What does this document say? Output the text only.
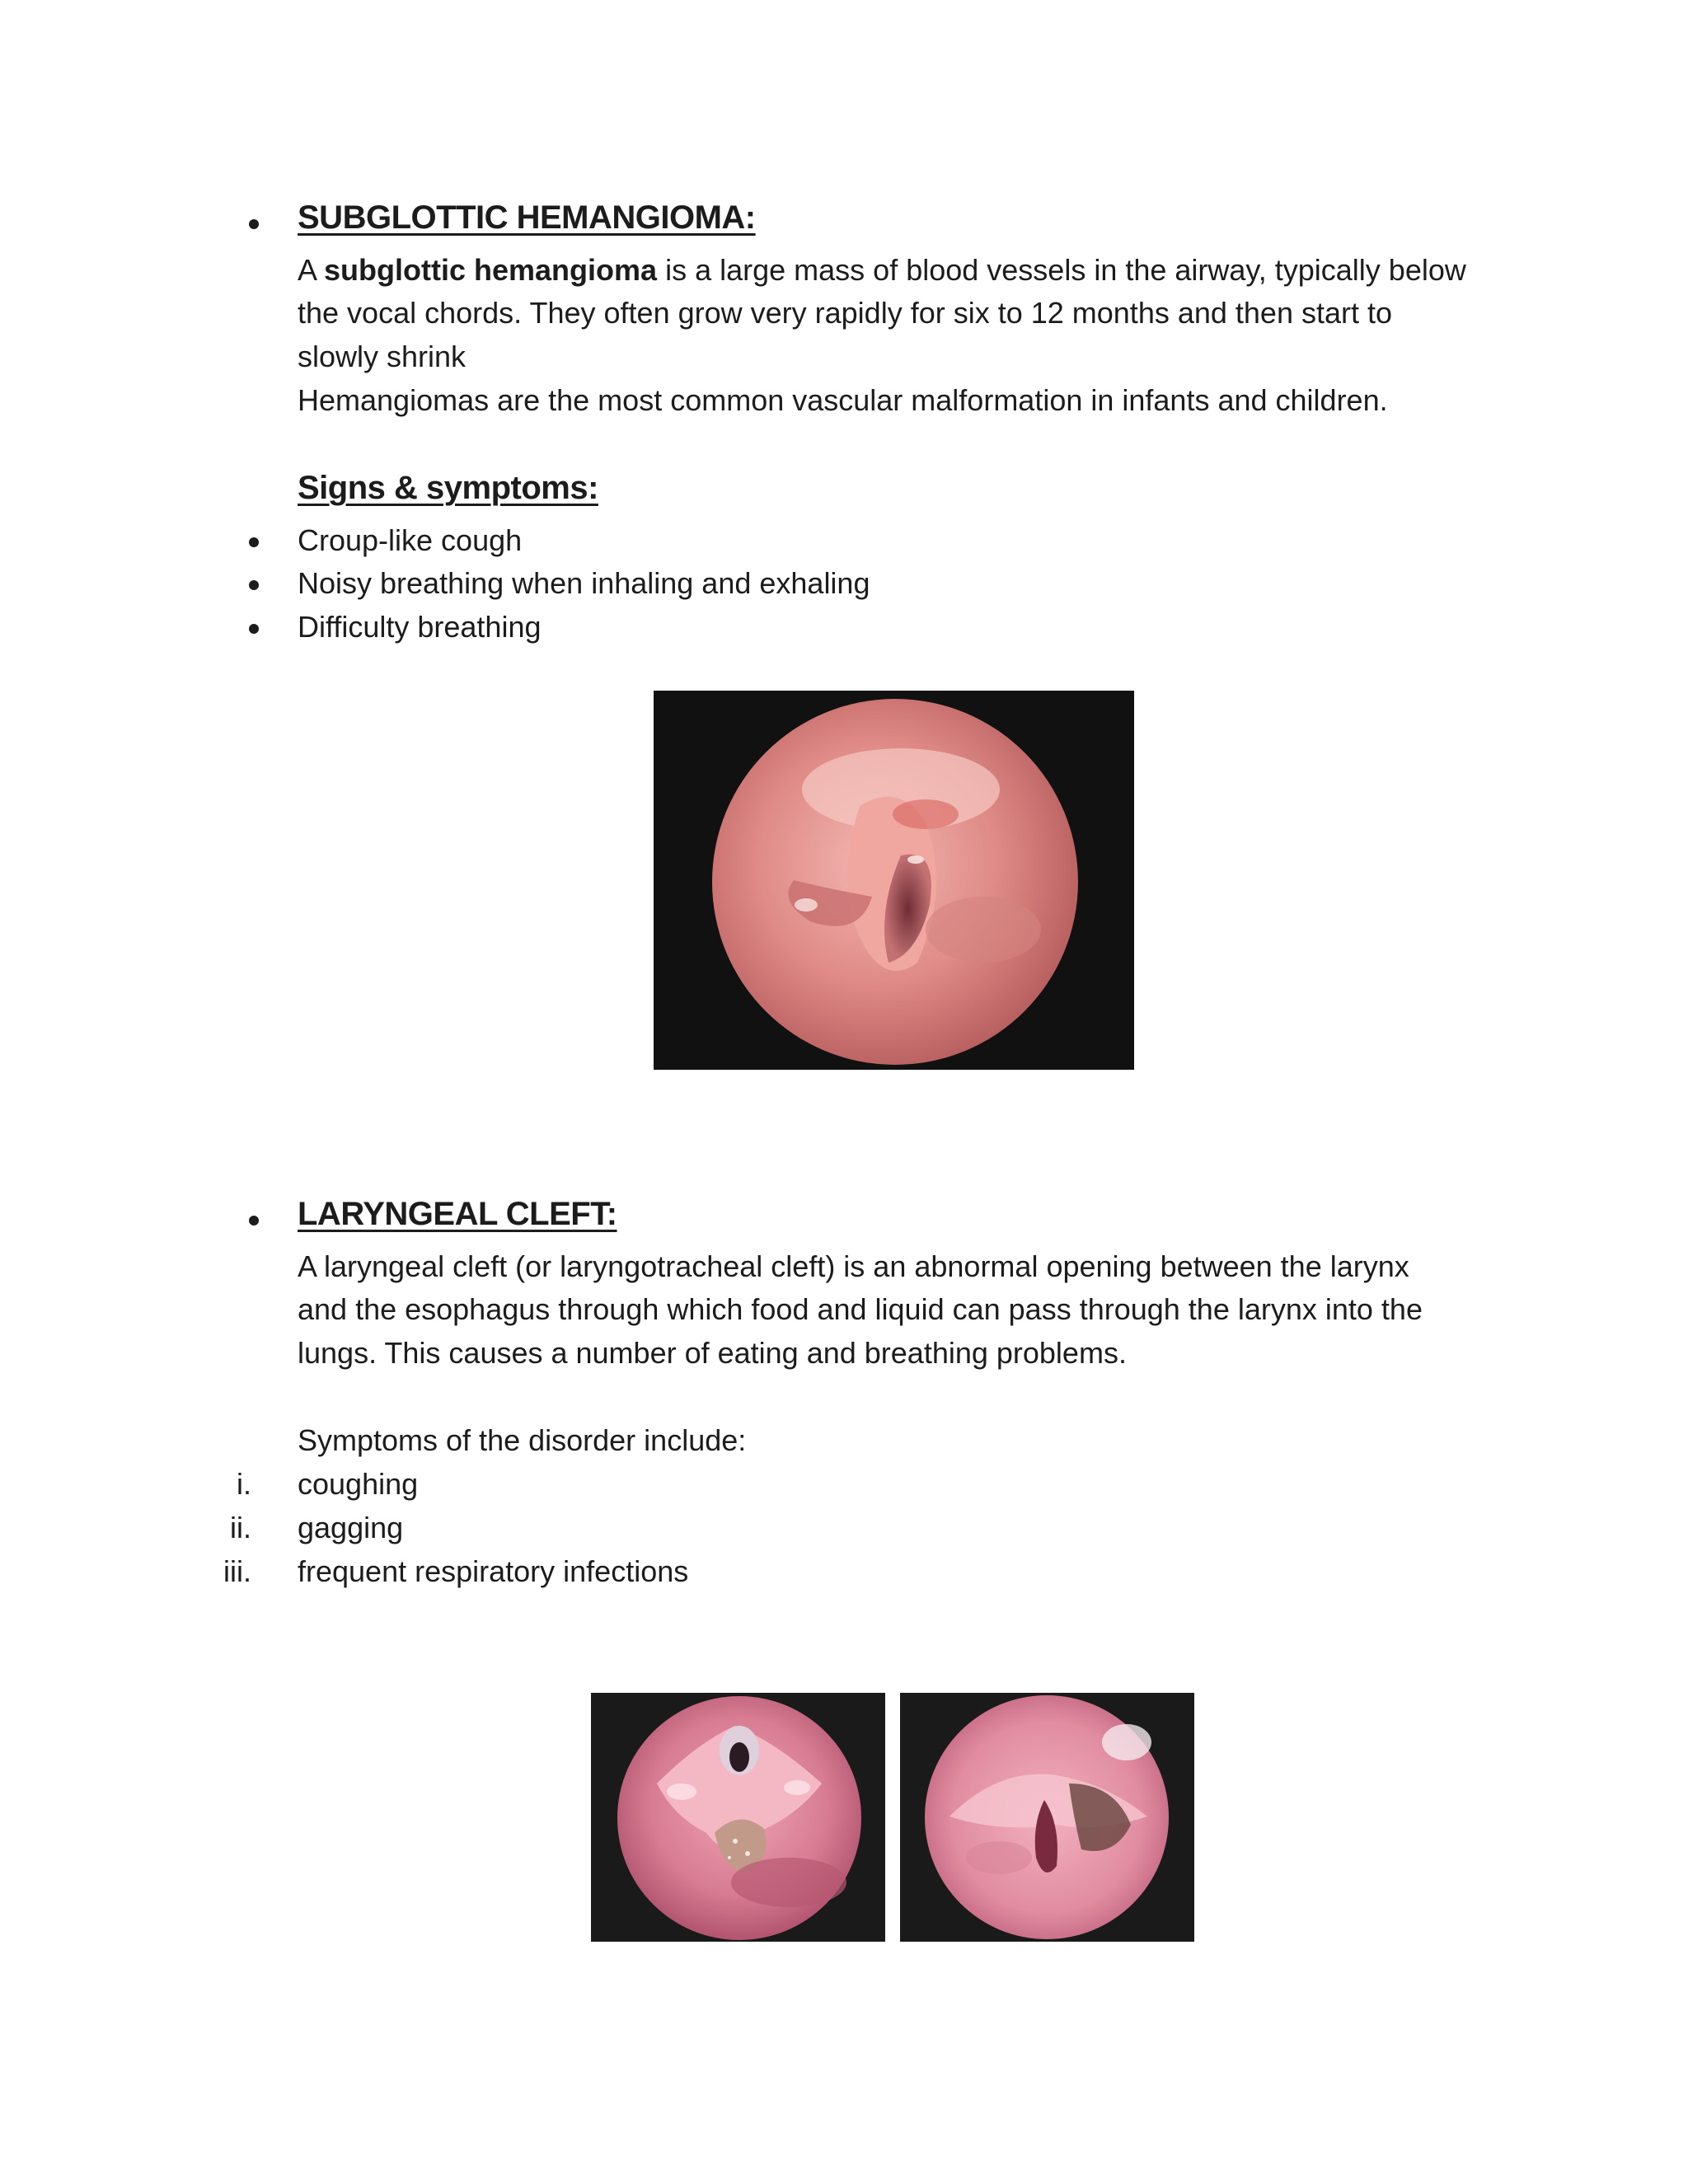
SUBGLOTTIC HEMANGIOMA:
A subglottic hemangioma is a large mass of blood vessels in the airway, typically below
the vocal chords. They often grow very rapidly for six to 12 months and then start to
slowly shrink
Hemangiomas are the most common vascular malformation in infants and children.
Signs & symptoms:
Croup-like cough
Noisy breathing when inhaling and exhaling
Difficulty breathing
LARYNGEAL CLEFT:
A laryngeal cleft (or laryngotracheal cleft) is an abnormal opening between the larynx
and the esophagus through which food and liquid can pass through the larynx into the
lungs. This causes a number of eating and breathing problems.
Symptoms of the disorder include:
i. coughing
ii. gagging
iii. frequent respiratory infections
